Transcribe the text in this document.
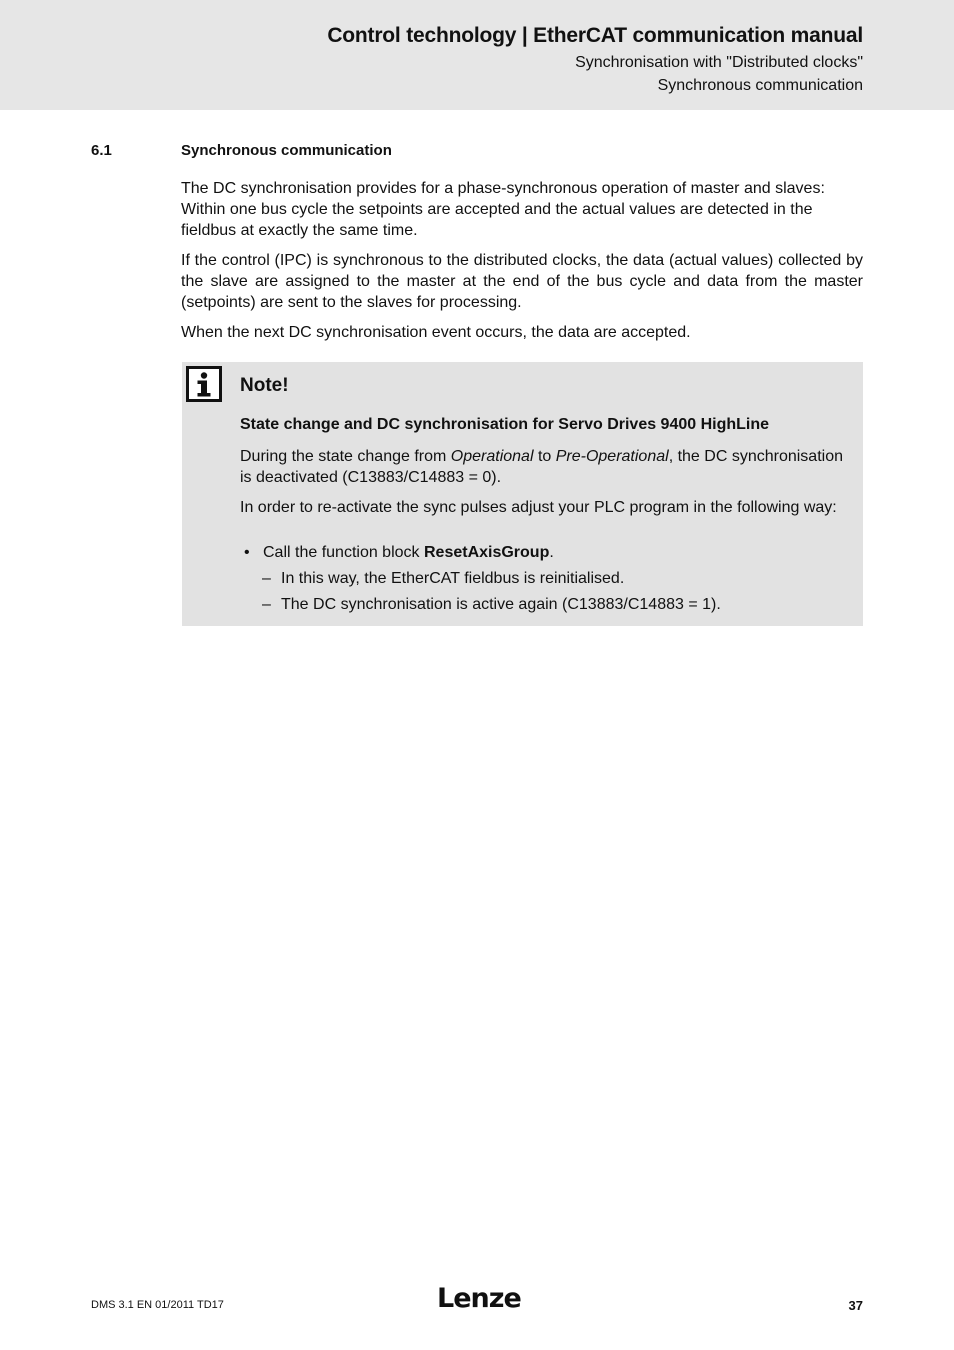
Control technology | EtherCAT communication manual
Synchronisation with "Distributed clocks"
Synchronous communication
6.1	Synchronous communication

The DC synchronisation provides for a phase-synchronous operation of master and slaves: Within one bus cycle the setpoints are accepted and the actual values are detected in the fieldbus at exactly the same time.

If the control (IPC) is synchronous to the distributed clocks, the data (actual values) collected by the slave are assigned to the master at the end of the bus cycle and data from the master (setpoints) are sent to the slaves for processing.

When the next DC synchronisation event occurs, the data are accepted.

Note!
State change and DC synchronisation for Servo Drives 9400 HighLine

During the state change from Operational to Pre-Operational, the DC synchronisation is deactivated (C13883/C14883 = 0).

In order to re-activate the sync pulses adjust your PLC program in the following way:

• Call the function block ResetAxisGroup.
– In this way, the EtherCAT fieldbus is reinitialised.
– The DC synchronisation is active again (C13883/C14883 = 1).
DMS 3.1 EN 01/2011 TD17	Lenze	37
